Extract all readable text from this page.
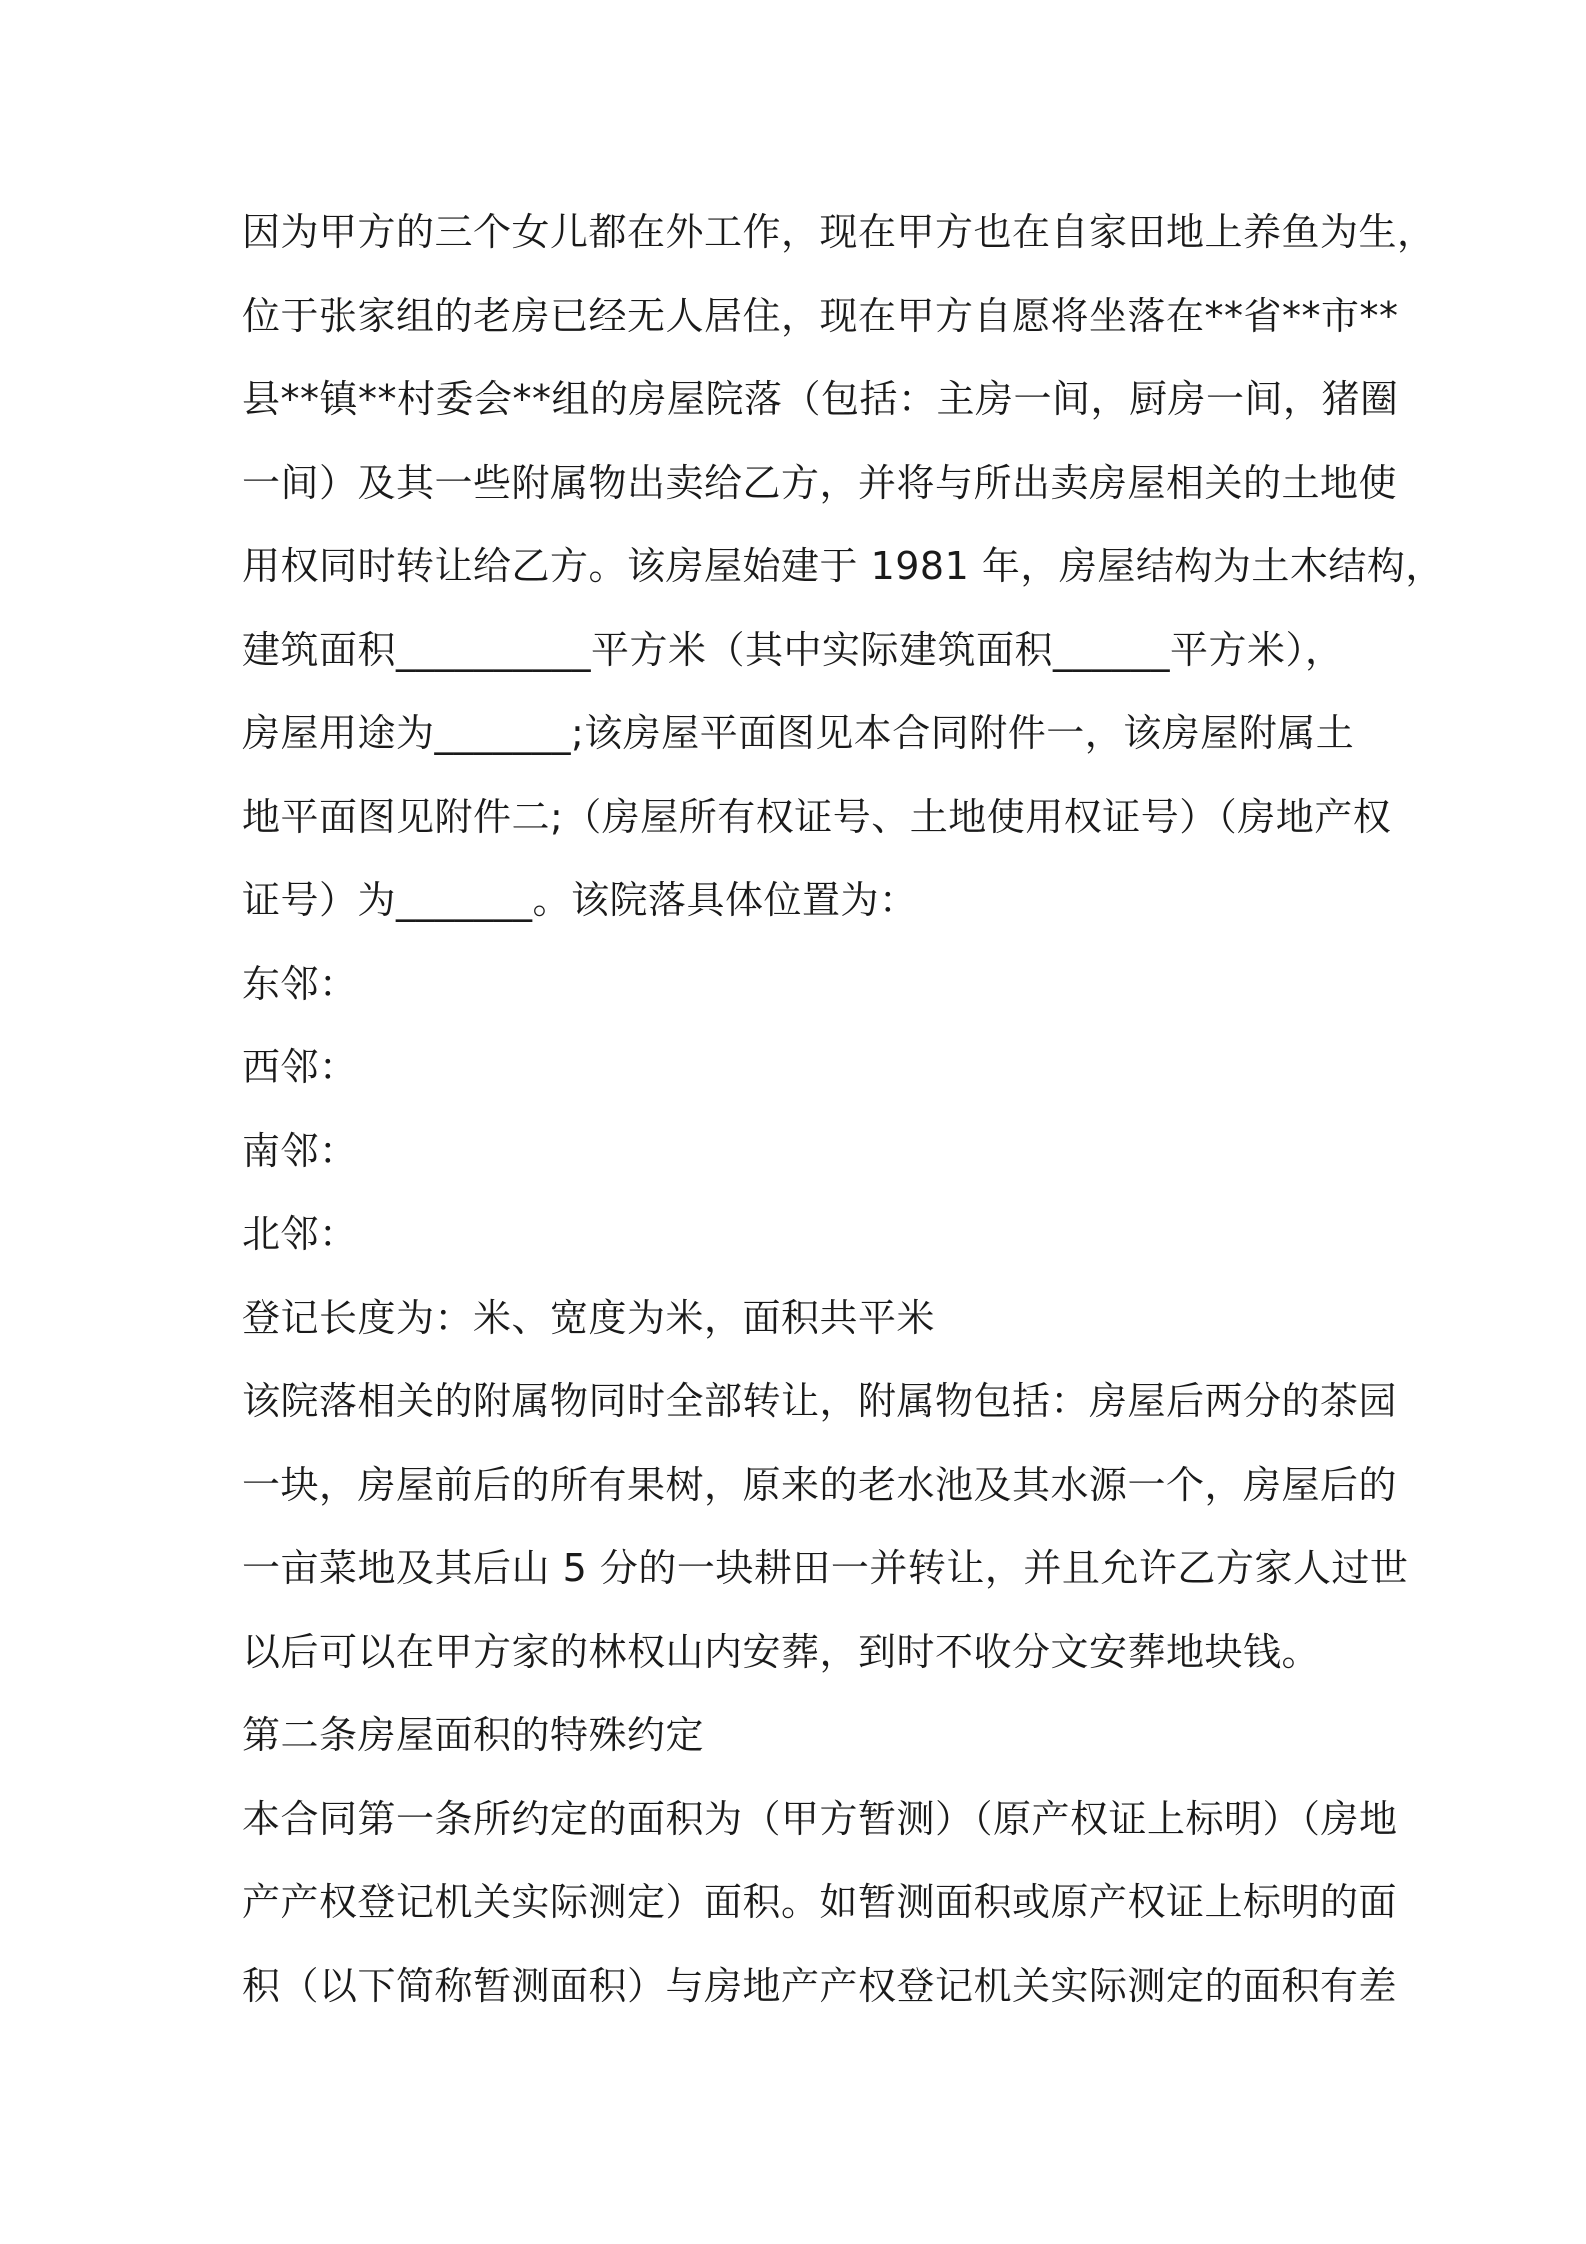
因为甲方的三个女儿都在外工作，现在甲方也在自家田地上养鱼为生，
位于张家组的老房已经无人居住，现在甲方自愿将坐落在**省**市**
县**镇**村委会**组的房屋院落（包括：主房一间，厨房一间，猪圈
一间）及其一些附属物出卖给乙方，并将与所出卖房屋相关的土地使
用权同时转让给乙方。该房屋始建于 1981 年，房屋结构为土木结构，
建筑面积__________平方米（其中实际建筑面积______平方米），
房屋用途为_______;该房屋平面图见本合同附件一，该房屋附属土
地平面图见附件二;（房屋所有权证号、土地使用权证号）（房地产权
证号）为_______。该院落具体位置为：
东邻：
西邻：
南邻：
北邻：
登记长度为：米、宽度为米，面积共平米
该院落相关的附属物同时全部转让，附属物包括：房屋后两分的茶园
一块，房屋前后的所有果树，原来的老水池及其水源一个，房屋后的
一亩菜地及其后山 5 分的一块耕田一并转让，并且允许乙方家人过世
以后可以在甲方家的林权山内安葬，到时不收分文安葬地块钱。
第二条房屋面积的特殊约定
本合同第一条所约定的面积为（甲方暂测）（原产权证上标明）（房地
产产权登记机关实际测定）面积。如暂测面积或原产权证上标明的面
积（以下简称暂测面积）与房地产产权登记机关实际测定的面积有差
